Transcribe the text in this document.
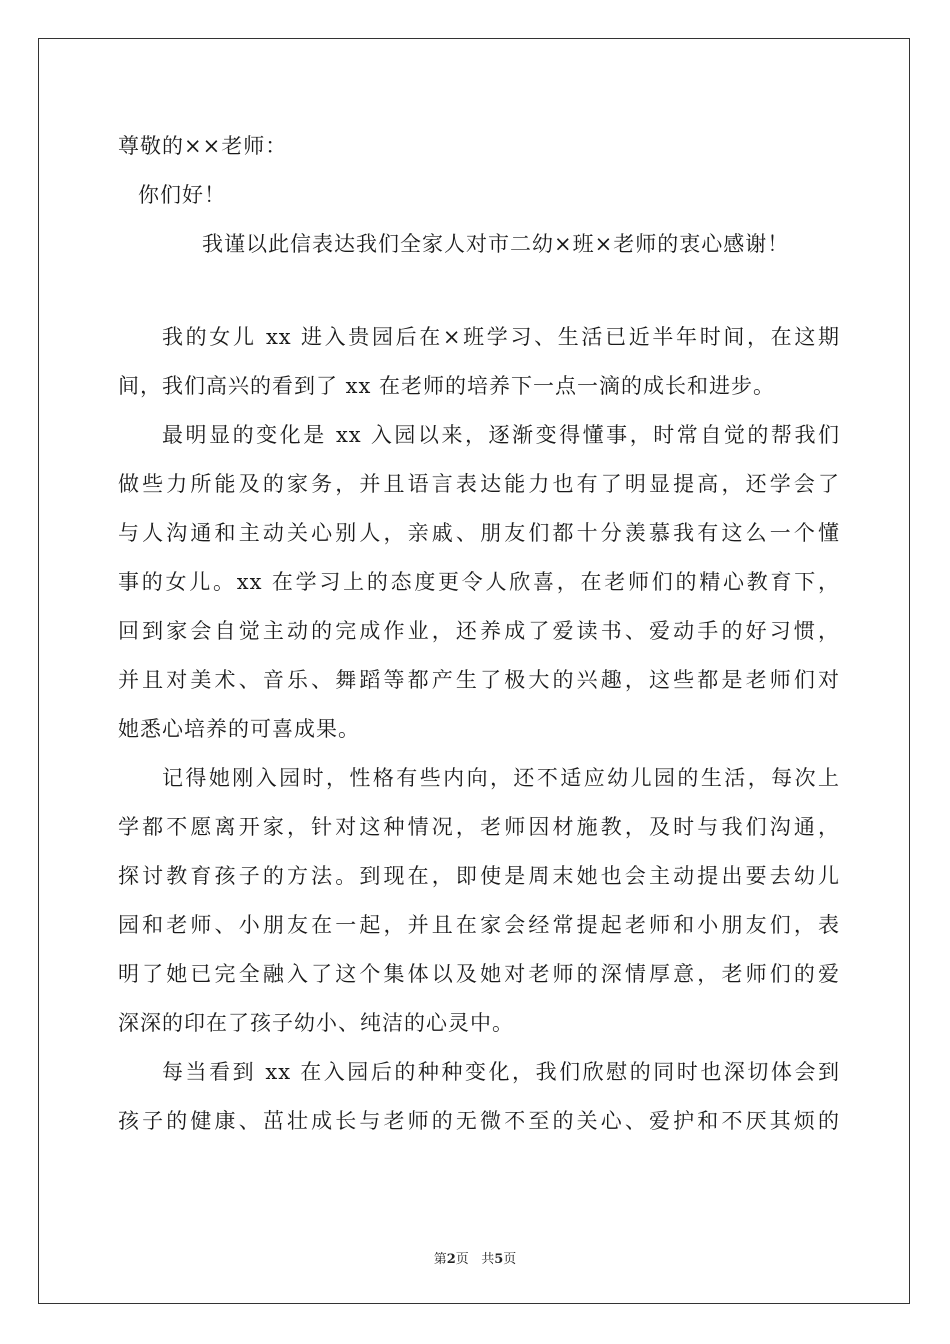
尊敬的××老师：
你们好！
我谨以此信表达我们全家人对市二幼×班×老师的衷心感谢！
我的女儿 xx 进入贵园后在×班学习、生活已近半年时间，在这期
间，我们高兴的看到了 xx 在老师的培养下一点一滴的成长和进步。
最明显的变化是 xx 入园以来，逐渐变得懂事，时常自觉的帮我们
做些力所能及的家务，并且语言表达能力也有了明显提高，还学会了
与人沟通和主动关心别人，亲戚、朋友们都十分羡慕我有这么一个懂
事的女儿。xx 在学习上的态度更令人欣喜，在老师们的精心教育下，
回到家会自觉主动的完成作业，还养成了爱读书、爱动手的好习惯，
并且对美术、音乐、舞蹈等都产生了极大的兴趣，这些都是老师们对
她悉心培养的可喜成果。
记得她刚入园时，性格有些内向，还不适应幼儿园的生活，每次上
学都不愿离开家，针对这种情况，老师因材施教，及时与我们沟通，
探讨教育孩子的方法。到现在，即使是周末她也会主动提出要去幼儿
园和老师、小朋友在一起，并且在家会经常提起老师和小朋友们，表
明了她已完全融入了这个集体以及她对老师的深情厚意，老师们的爱
深深的印在了孩子幼小、纯洁的心灵中。
每当看到 xx 在入园后的种种变化，我们欣慰的同时也深切体会到
孩子的健康、茁壮成长与老师的无微不至的关心、爱护和不厌其烦的
第2页 共5页
